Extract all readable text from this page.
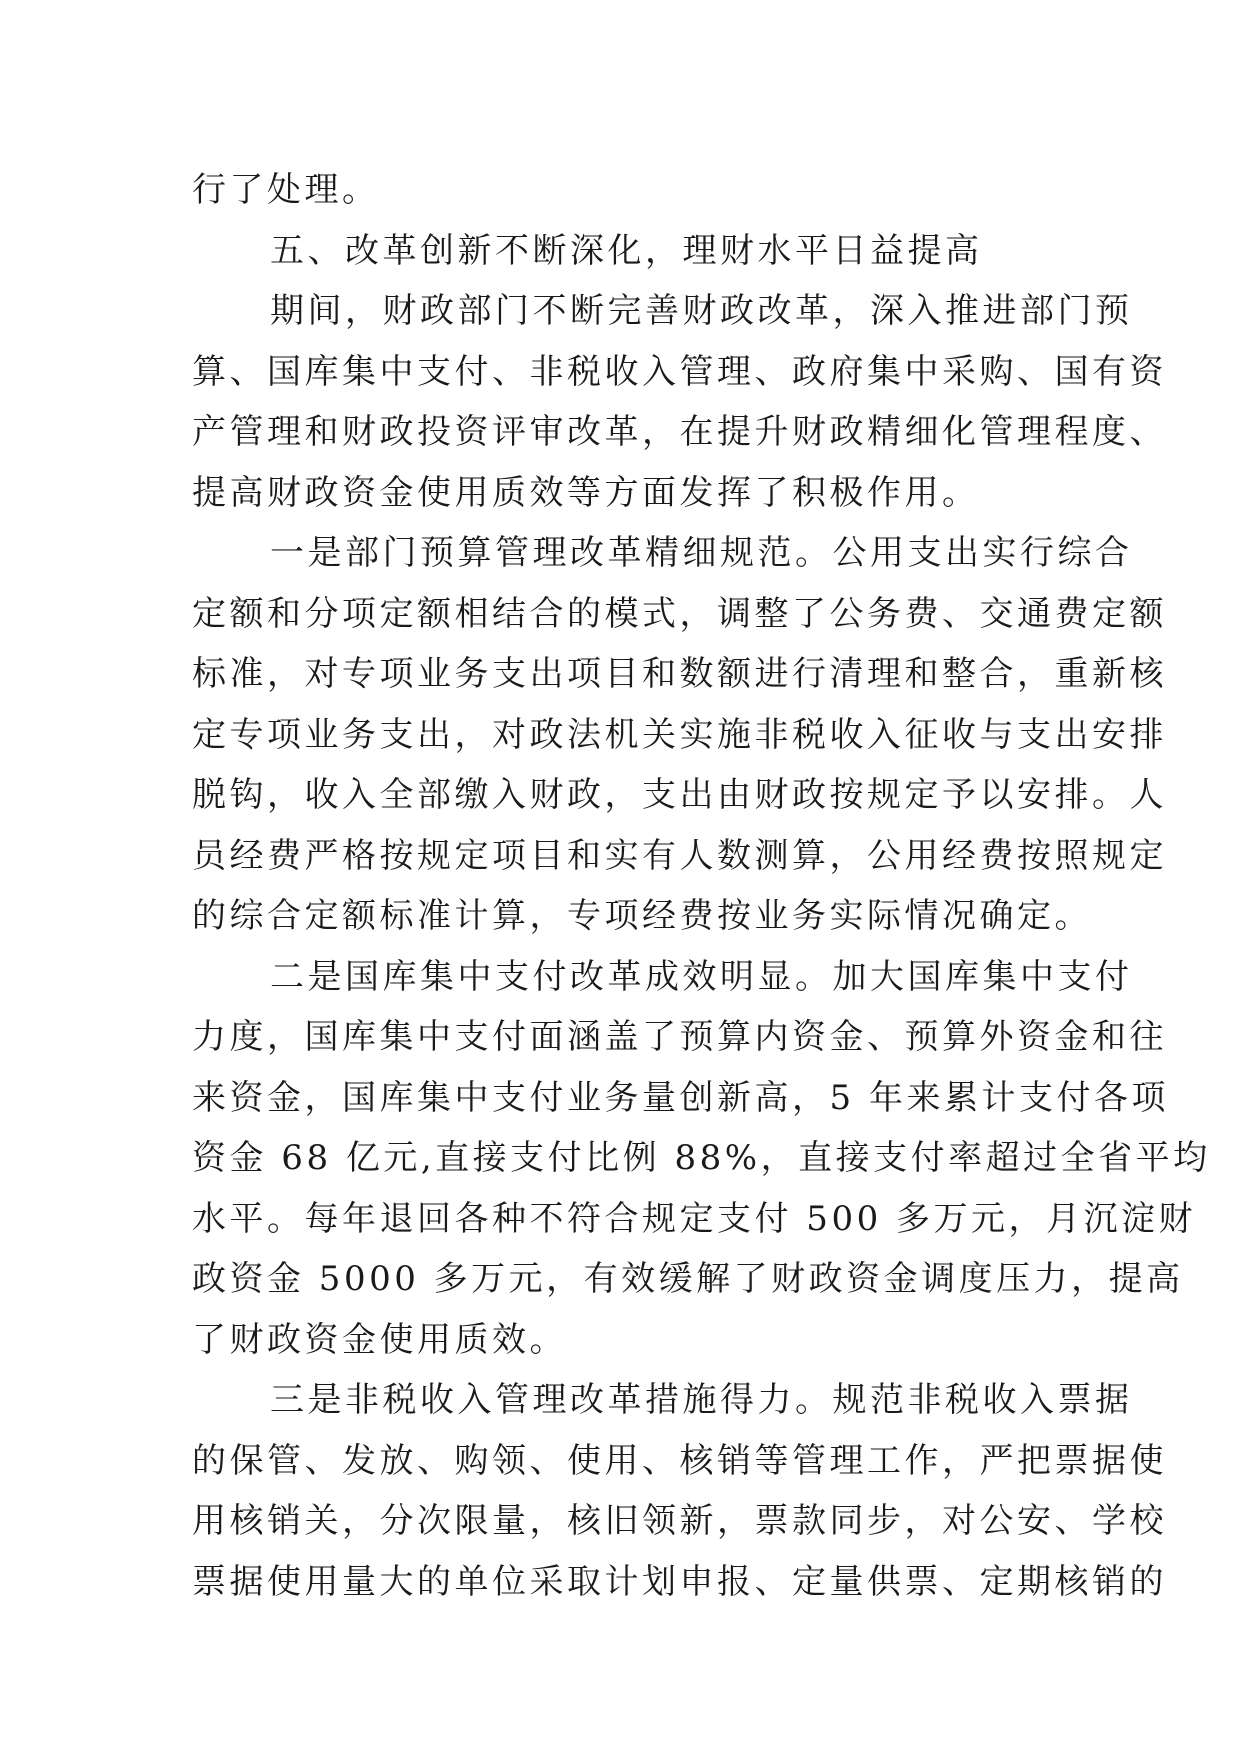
行了处理。
五、改革创新不断深化，理财水平日益提高
期间，财政部门不断完善财政改革，深入推进部门预
算、国库集中支付、非税收入管理、政府集中采购、国有资
产管理和财政投资评审改革，在提升财政精细化管理程度、
提高财政资金使用质效等方面发挥了积极作用。
一是部门预算管理改革精细规范。公用支出实行综合
定额和分项定额相结合的模式，调整了公务费、交通费定额
标准，对专项业务支出项目和数额进行清理和整合，重新核
定专项业务支出，对政法机关实施非税收入征收与支出安排
脱钩，收入全部缴入财政，支出由财政按规定予以安排。人
员经费严格按规定项目和实有人数测算，公用经费按照规定
的综合定额标准计算，专项经费按业务实际情况确定。
二是国库集中支付改革成效明显。加大国库集中支付
力度，国库集中支付面涵盖了预算内资金、预算外资金和往
来资金，国库集中支付业务量创新高，5 年来累计支付各项
资金 68 亿元,直接支付比例 88%，直接支付率超过全省平均
水平。每年退回各种不符合规定支付 500 多万元，月沉淀财
政资金 5000 多万元，有效缓解了财政资金调度压力，提高
了财政资金使用质效。
三是非税收入管理改革措施得力。规范非税收入票据
的保管、发放、购领、使用、核销等管理工作，严把票据使
用核销关，分次限量，核旧领新，票款同步，对公安、学校
票据使用量大的单位采取计划申报、定量供票、定期核销的
